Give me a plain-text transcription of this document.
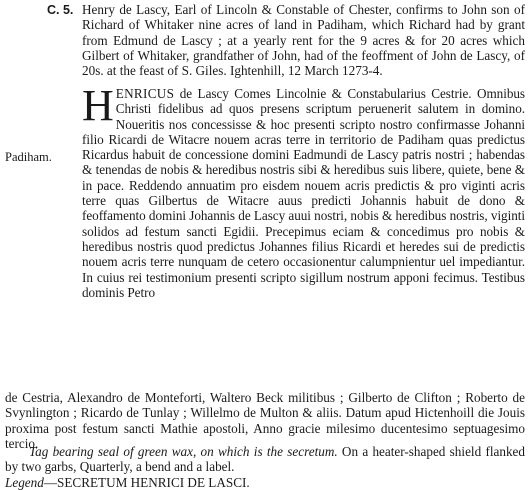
C. 5. Henry de Lascy, Earl of Lincoln & Constable of Chester, confirms to John son of Richard of Whitaker nine acres of land in Padiham, which Richard had by grant from Edmund de Lascy ; at a yearly rent for the 9 acres & for 20 acres which Gilbert of Whitaker, grandfather of John, had of the feoffment of John de Lascy, of 20s. at the feast of S. Giles. Ightenhill, 12 March 1273-4.
Padiham.
HENRICUS de Lascy Comes Lincolnie & Constabularius Cestrie. Omnibus Christi fidelibus ad quos presens scriptum peruenerit salutem in domino. Noueritis nos concessisse & hoc presenti scripto nostro confirmasse Johanni filio Ricardi de Witacre nouem acras terre in territorio de Padiham quas predictus Ricardus habuit de concessione domini Eadmundi de Lascy patris nostri ; habendas & tenendas de nobis & heredibus nostris sibi & heredibus suis libere, quiete, bene & in pace. Reddendo annuatim pro eisdem nouem acris predictis & pro viginti acris terre quas Gilbertus de Witacre auus predicti Johannis habuit de dono & feoffamento domini Johannis de Lascy auui nostri, nobis & heredibus nostris, viginti solidos ad festum sancti Egidii. Precepimus eciam & concedimus pro nobis & heredibus nostris quod predictus Johannes filius Ricardi et heredes sui de predictis nouem acris terre nunquam de cetero occasionentur calumpnientur uel impediantur. In cuius rei testimonium presenti scripto sigillum nostrum apponi fecimus. Testibus dominis Petro
de Cestria, Alexandro de Monteforti, Waltero Beck militibus ; Gilberto de Clifton ; Roberto de Svynlington ; Ricardo de Tunlay ; Willelmo de Multon & aliis. Datum apud Hictenhoill die Jouis proxima post festum sancti Mathie apostoli, Anno gracie milesimo ducentesimo septuagesimo tercio.
Tag bearing seal of green wax, on which is the secretum. On a heater-shaped shield flanked by two garbs, Quarterly, a bend and a label.
Legend—SECRETUM HENRICI DE LASCI.
